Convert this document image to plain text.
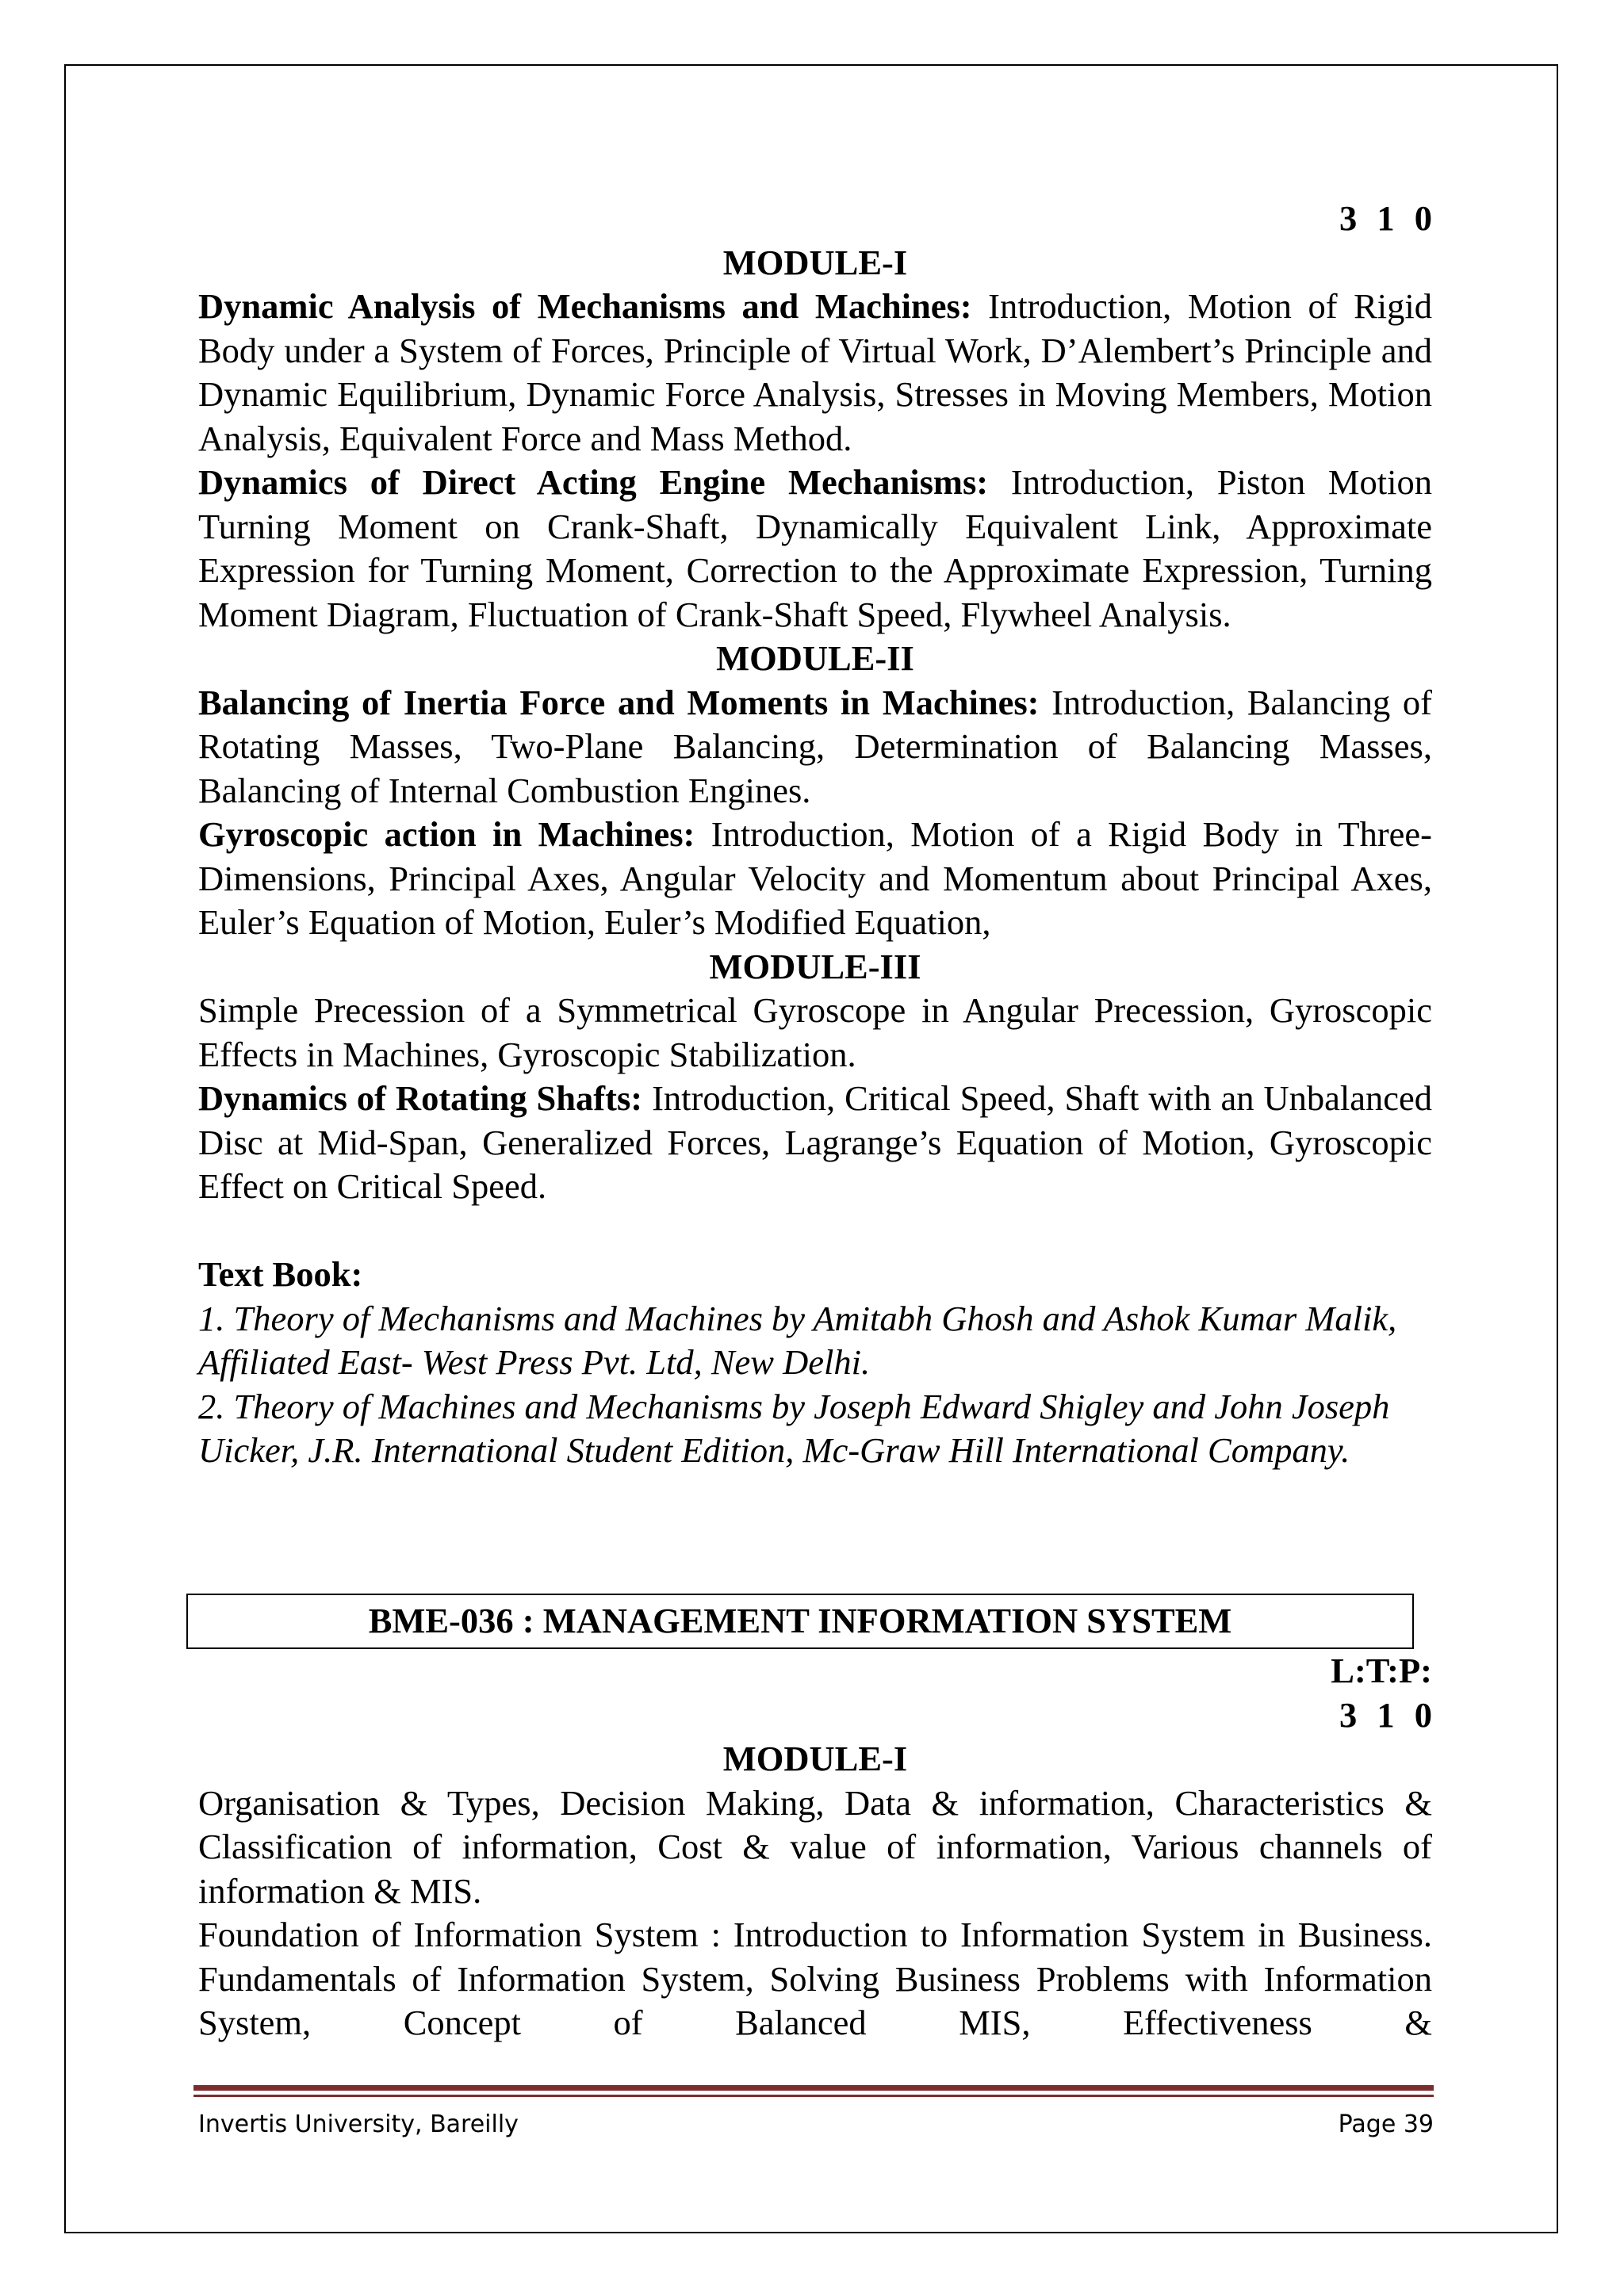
3 1 0
MODULE-I

Dynamic Analysis of Mechanisms and Machines: Introduction, Motion of Rigid Body under a System of Forces, Principle of Virtual Work, D’Alembert’s Principle and Dynamic Equilibrium, Dynamic Force Analysis, Stresses in Moving Members, Motion Analysis, Equivalent Force and Mass Method.

Dynamics of Direct Acting Engine Mechanisms: Introduction, Piston Motion Turning Moment on Crank-Shaft, Dynamically Equivalent Link, Approximate Expression for Turning Moment, Correction to the Approximate Expression, Turning Moment Diagram, Fluctuation of Crank-Shaft Speed, Flywheel Analysis.

MODULE-II

Balancing of Inertia Force and Moments in Machines: Introduction, Balancing of Rotating Masses, Two-Plane Balancing, Determination of Balancing Masses, Balancing of Internal Combustion Engines.

Gyroscopic action in Machines: Introduction, Motion of a Rigid Body in Three- Dimensions, Principal Axes, Angular Velocity and Momentum about Principal Axes, Euler’s Equation of Motion, Euler’s Modified Equation,

MODULE-III

Simple Precession of a Symmetrical Gyroscope in Angular Precession, Gyroscopic Effects in Machines, Gyroscopic Stabilization.

Dynamics of Rotating Shafts: Introduction, Critical Speed, Shaft with an Unbalanced Disc at Mid-Span, Generalized Forces, Lagrange’s Equation of Motion, Gyroscopic Effect on Critical Speed.

Text Book:

1. Theory of Mechanisms and Machines by Amitabh Ghosh and Ashok Kumar Malik, Affiliated East- West Press Pvt. Ltd, New Delhi.

2. Theory of Machines and Mechanisms by Joseph Edward Shigley and John Joseph Uicker, J.R. International Student Edition, Mc-Graw Hill International Company.

BME-036 : MANAGEMENT INFORMATION SYSTEM
L:T:P:
3 1 0
MODULE-I

Organisation & Types, Decision Making, Data & information, Characteristics & Classification of information, Cost & value of information, Various channels of information & MIS.

Foundation of Information System : Introduction to Information System in Business. Fundamentals of Information System, Solving Business Problems with Information System, Concept of Balanced MIS, Effectiveness &

Invertis University, Bareilly	Page 39
